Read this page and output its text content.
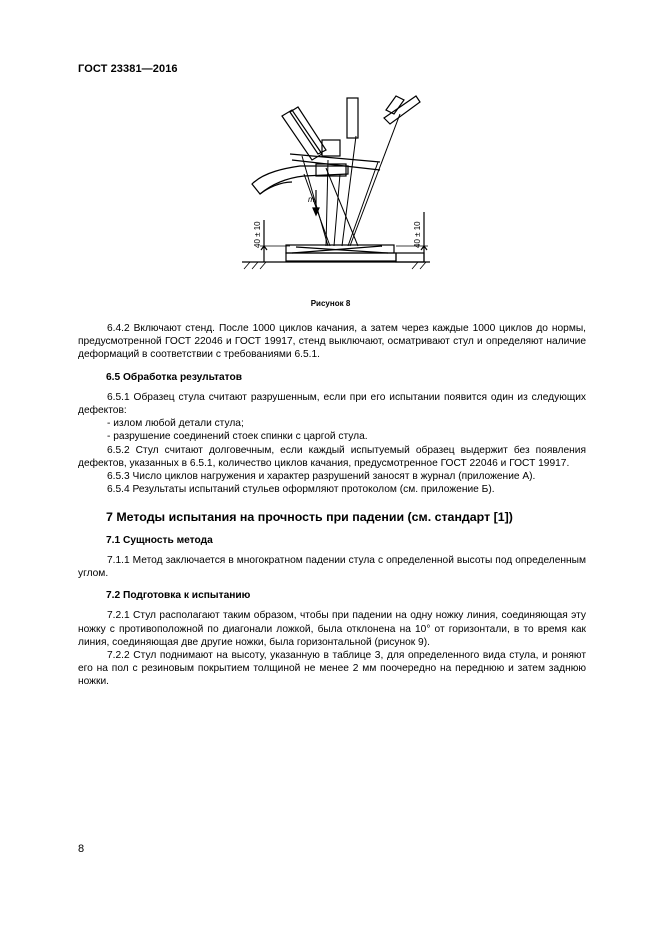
ГОСТ 23381—2016
m
40 ± 10	40 ± 10
Рисунок 8

6.4.2 Включают стенд. После 1000 циклов качания, а затем через каждые 1000 циклов до нормы, предусмотренной ГОСТ 22046 и ГОСТ 19917, стенд выключают, осматривают стул и определяют наличие деформаций в соответствии с требованиями 6.5.1.

6.5 Обработка результатов

6.5.1 Образец стула считают разрушенным, если при его испытании появится один из следующих дефектов:

- излом любой детали стула;

- разрушение соединений стоек спинки с царгой стула.

6.5.2 Стул считают долговечным, если каждый испытуемый образец выдержит без появления дефектов, указанных в 6.5.1, количество циклов качания, предусмотренное ГОСТ 22046 и ГОСТ 19917.

6.5.3 Число циклов нагружения и характер разрушений заносят в журнал (приложение А).

6.5.4 Результаты испытаний стульев оформляют протоколом (см. приложение Б).

7 Методы испытания на прочность при падении (см. стандарт [1])

7.1 Сущность метода

7.1.1 Метод заключается в многократном падении стула с определенной высоты под определенным углом.

7.2 Подготовка к испытанию

7.2.1 Стул располагают таким образом, чтобы при падении на одну ножку линия, соединяющая эту ножку с противоположной по диагонали ложкой, была отклонена на 10° от горизонтали, в то время как линия, соединяющая две другие ножки, была горизонтальной (рисунок 9).

7.2.2 Стул поднимают на высоту, указанную в таблице 3, для определенного вида стула, и роняют его на пол с резиновым покрытием толщиной не менее 2 мм поочередно на переднюю и затем заднюю ножки.

8
